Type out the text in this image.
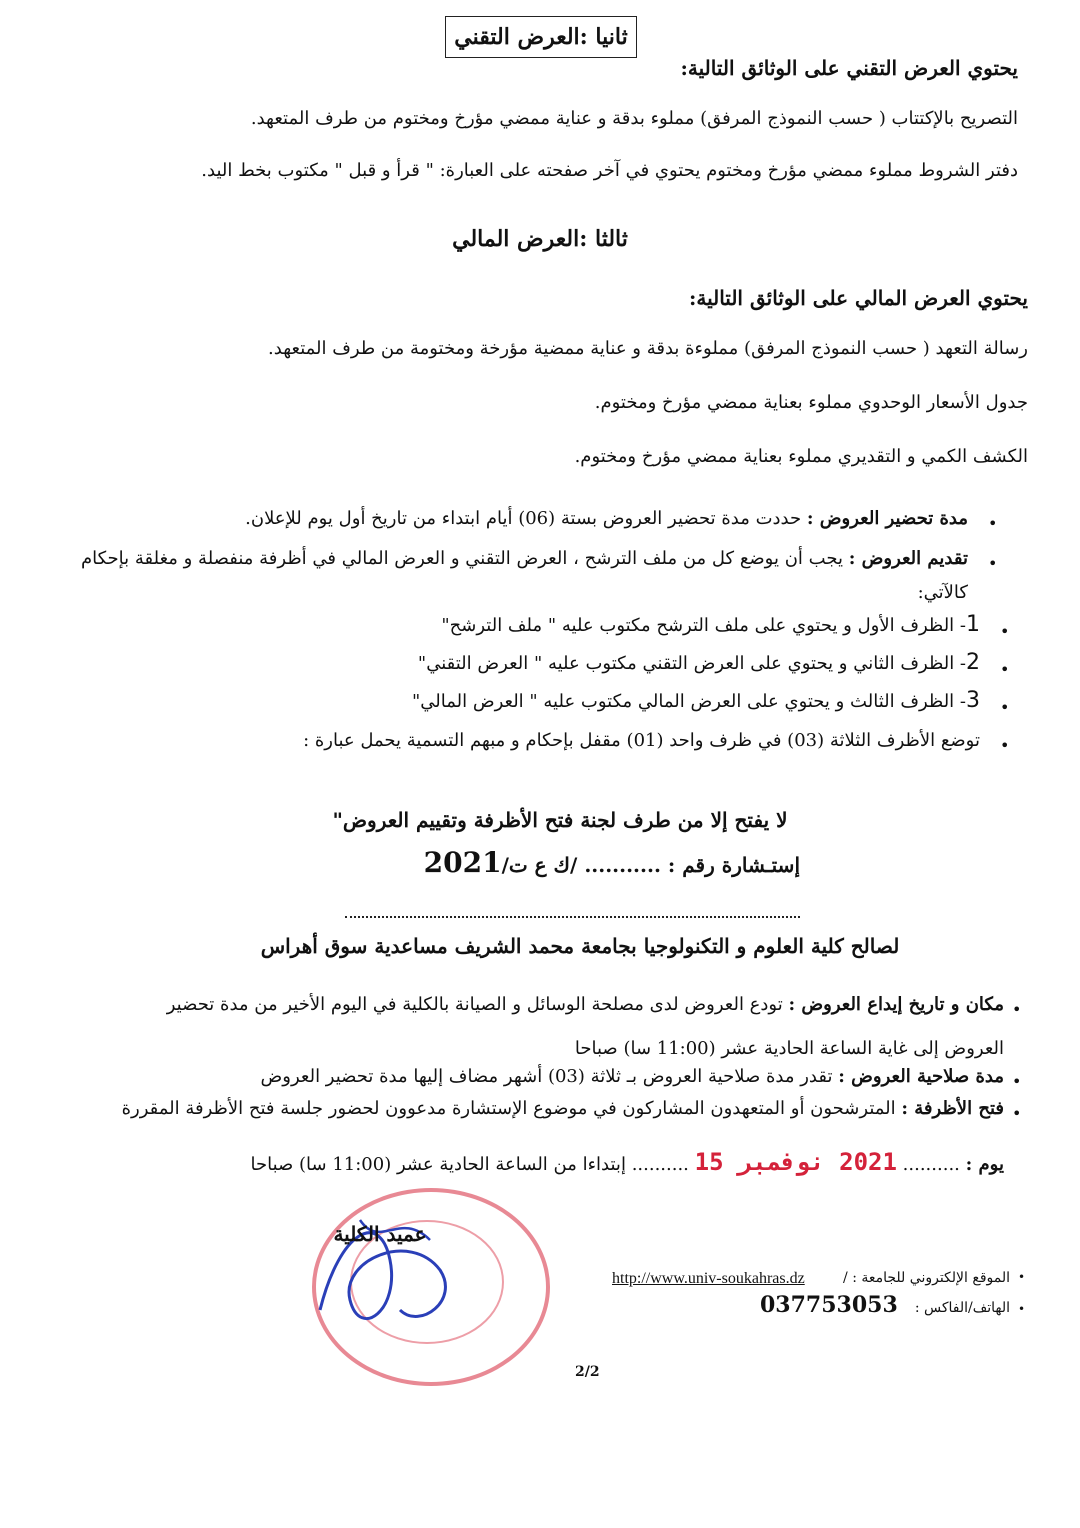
ثانيا :العرض التقني
يحتوي العرض التقني على الوثائق التالية:
التصريح بالإكتتاب ( حسب النموذج المرفق) مملوء بدقة و عناية ممضي مؤرخ ومختوم من طرف المتعهد.
دفتر الشروط مملوء ممضي مؤرخ ومختوم يحتوي في آخر صفحته على العبارة: " قرأ و قبل " مكتوب بخط اليد.
ثالثا :العرض المالي
يحتوي العرض المالي على الوثائق التالية:
رسالة التعهد ( حسب النموذج المرفق) مملوءة بدقة و عناية ممضية مؤرخة ومختومة من طرف المتعهد.
جدول الأسعار الوحدوي مملوء بعناية ممضي مؤرخ ومختوم.
الكشف الكمي و التقديري مملوء بعناية ممضي مؤرخ ومختوم.
•
مدة تحضير العروض : حددت مدة تحضير العروض بستة (06) أيام ابتداء من تاريخ أول يوم للإعلان.
•
تقديم العروض : يجب أن يوضع كل من ملف الترشح ، العرض التقني و العرض المالي في أظرفة منفصلة و مغلقة بإحكام
كالآتي:
•
1- الظرف الأول و يحتوي على ملف الترشح مكتوب عليه " ملف الترشح"
•
2- الظرف الثاني و يحتوي على العرض التقني مكتوب عليه " العرض التقني"
•
3- الظرف الثالث و يحتوي على العرض المالي مكتوب عليه " العرض المالي"
•
توضع الأظرف الثلاثة (03) في ظرف واحد (01) مقفل بإحكام و مبهم التسمية يحمل عبارة :
لا يفتح إلا من طرف لجنة فتح الأظرفة وتقييم العروض"
إستـشارة رقم : ........... /ك ع ت/2021
لصالح كلية العلوم و التكنولوجيا بجامعة محمد الشريف مساعدية سوق أهراس
•
مكان و تاريخ إيداع العروض : تودع العروض لدى مصلحة الوسائل و الصيانة بالكلية في اليوم الأخير من مدة تحضير
العروض إلى غاية الساعة الحادية عشر (11:00 سا) صباحا
•
مدة صلاحية العروض : تقدر مدة صلاحية العروض بـ ثلاثة (03) أشهر مضاف إليها مدة تحضير العروض
•
فتح الأظرفة : المترشحون أو المتعهدون المشاركون في موضوع الإستشارة مدعوون لحضور جلسة فتح الأظرفة المقررة
يوم : .......... 2021 نوفمبر 15 .......... إبتداءا من الساعة الحادية عشر (11:00 سا) صباحا
عميد الكلية
•
الموقع الإلكتروني للجامعة : /
http://www.univ-soukahras.dz
•
الهاتف/الفاكس :
037753053
2/2
